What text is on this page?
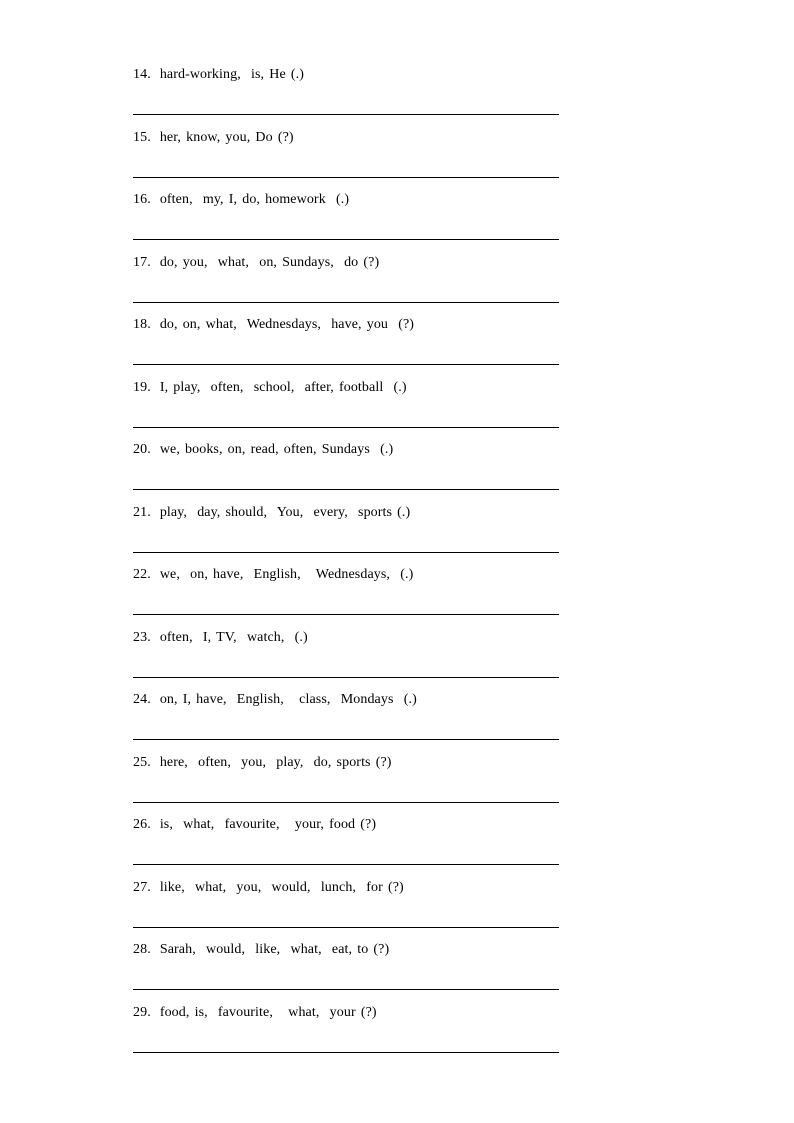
14. hard-working,  is, He (.)
15. her, know, you, Do (?)
16. often,  my, I, do, homework  (.)
17. do, you,  what,  on, Sundays,  do (?)
18. do, on, what,  Wednesdays,  have, you  (?)
19. I, play,  often,  school,  after, football  (.)
20. we, books, on, read, often, Sundays  (.)
21. play,  day, should,  You,  every,  sports (.)
22. we,  on, have,  English,   Wednesdays,  (.)
23. often,  I, TV,  watch,  (.)
24. on, I, have,  English,   class,  Mondays  (.)
25. here,  often,  you,  play,  do, sports (?)
26. is,  what,  favourite,   your, food (?)
27. like,  what,  you,  would,  lunch,  for (?)
28. Sarah,  would,  like,  what,  eat, to (?)
29. food, is,  favourite,   what,  your (?)
